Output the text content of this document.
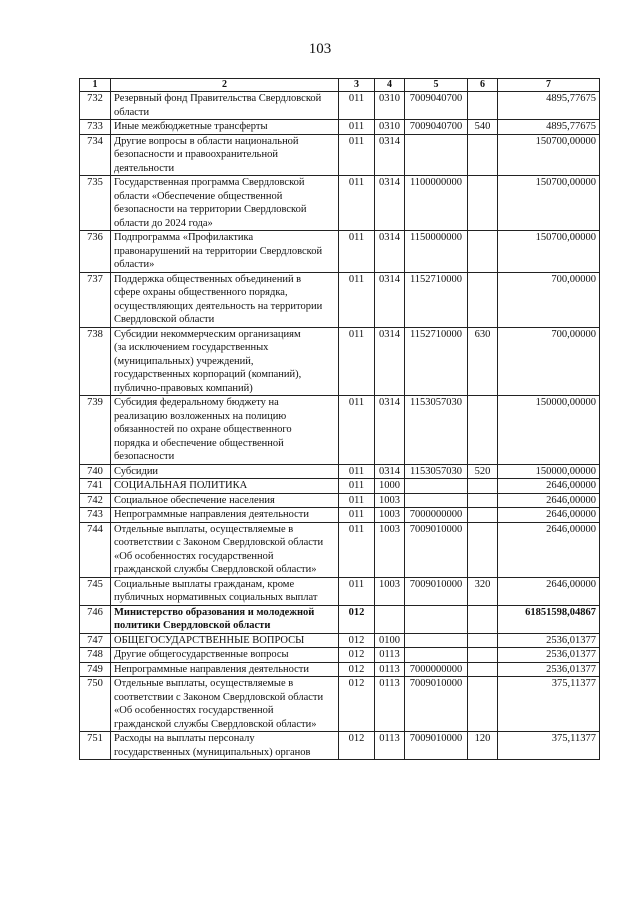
103
1	2	3	4	5	6	7
732	Резервный фонд Правительства Свердловской
области	011	0310	7009040700		4895,77675
733	Иные межбюджетные трансферты	011	0310	7009040700	540	4895,77675
734	Другие вопросы в области национальной
безопасности и правоохранительной
деятельности	011	0314			150700,00000
735	Государственная программа Свердловской
области «Обеспечение общественной
безопасности на территории Свердловской
области до 2024 года»	011	0314	1100000000		150700,00000
736	Подпрограмма «Профилактика
правонарушений на территории Свердловской
области»	011	0314	1150000000		150700,00000
737	Поддержка общественных объединений в
сфере охраны общественного порядка,
осуществляющих деятельность на территории
Свердловской области	011	0314	1152710000		700,00000
738	Субсидии некоммерческим организациям
(за исключением государственных
(муниципальных) учреждений,
государственных корпораций (компаний),
публично-правовых компаний)	011	0314	1152710000	630	700,00000
739	Субсидия федеральному бюджету на
реализацию возложенных на полицию
обязанностей по охране общественного
порядка и обеспечение общественной
безопасности	011	0314	1153057030		150000,00000
740	Субсидии	011	0314	1153057030	520	150000,00000
741	СОЦИАЛЬНАЯ ПОЛИТИКА	011	1000			2646,00000
742	Социальное обеспечение населения	011	1003			2646,00000
743	Непрограммные направления деятельности	011	1003	7000000000		2646,00000
744	Отдельные выплаты, осуществляемые в
соответствии с Законом Свердловской области
«Об особенностях государственной
гражданской службы Свердловской области»	011	1003	7009010000		2646,00000
745	Социальные выплаты гражданам, кроме
публичных нормативных социальных выплат	011	1003	7009010000	320	2646,00000
746	Министерство образования и молодежной
политики Свердловской области	012				61851598,04867
747	ОБЩЕГОСУДАРСТВЕННЫЕ ВОПРОСЫ	012	0100			2536,01377
748	Другие общегосударственные вопросы	012	0113			2536,01377
749	Непрограммные направления деятельности	012	0113	7000000000		2536,01377
750	Отдельные выплаты, осуществляемые в
соответствии с Законом Свердловской области
«Об особенностях государственной
гражданской службы Свердловской области»	012	0113	7009010000		375,11377
751	Расходы на выплаты персоналу
государственных (муниципальных) органов	012	0113	7009010000	120	375,11377
